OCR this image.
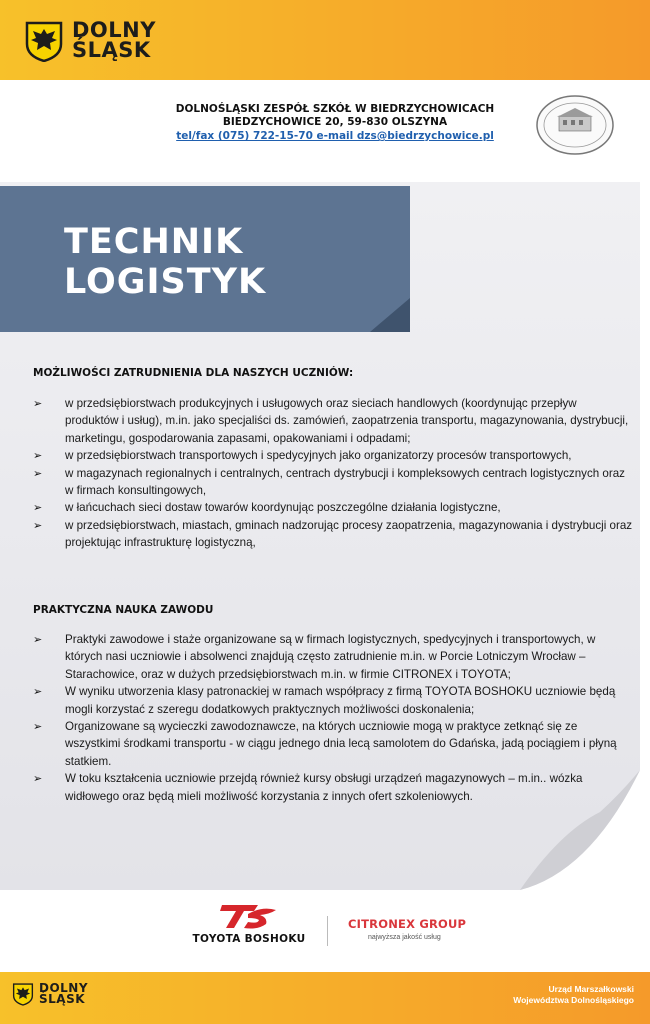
DOLNY
ŚLĄSK
DOLNOŚLĄSKI ZESPÓŁ SZKÓŁ W BIEDRZYCHOWICACH
BIEDZYCHOWICE 20, 59-830 OLSZYNA
tel/fax (075) 722-15-70 e-mail dzs@biedrzychowice.pl
TECHNIK
LOGISTYK
MOŻLIWOŚCI ZATRUDNIENIA DLA NASZYCH UCZNIÓW:
➢ w przedsiębiorstwach produkcyjnych i usługowych oraz sieciach handlowych (koordynując przepływ produktów i usług), m.in. jako specjaliści ds. zamówień, zaopatrzenia transportu, magazynowania, dystrybucji, marketingu, gospodarowania zapasami, opakowaniami i odpadami;
➢ w przedsiębiorstwach transportowych i spedycyjnych jako organizatorzy procesów transportowych,
➢ w magazynach regionalnych i centralnych, centrach dystrybucji i kompleksowych centrach logistycznych oraz w firmach konsultingowych,
➢ w łańcuchach sieci dostaw towarów koordynując poszczególne działania logistyczne,
➢ w przedsiębiorstwach, miastach, gminach nadzorując procesy zaopatrzenia, magazynowania i dystrybucji oraz projektując infrastrukturę logistyczną,
PRAKTYCZNA NAUKA ZAWODU
➢ Praktyki zawodowe i staże organizowane są w firmach logistycznych, spedycyjnych i transportowych, w których nasi uczniowie i absolwenci znajdują często zatrudnienie m.in. w Porcie Lotniczym Wrocław – Starachowice, oraz w dużych przedsiębiorstwach m.in. w firmie CITRONEX i TOYOTA;
➢ W wyniku utworzenia klasy patronackiej w ramach współpracy z firmą TOYOTA BOSHOKU uczniowie będą mogli korzystać z szeregu dodatkowych praktycznych możliwości doskonalenia;
➢ Organizowane są wycieczki zawodoznawcze, na których uczniowie mogą w praktyce zetknąć się ze wszystkimi środkami transportu - w ciągu jednego dnia lecą samolotem do Gdańska, jadą pociągiem i płyną statkiem.
➢ W toku kształcenia uczniowie przejdą również kursy obsługi urządzeń magazynowych – m.in.. wózka widłowego oraz będą mieli możliwość korzystania z innych ofert szkoleniowych.
TOYOTA BOSHOKU
CITRONEX GROUP
najwyższa jakość usług
DOLNY
ŚLĄSK
Urząd Marszałkowski
Województwa Dolnośląskiego
